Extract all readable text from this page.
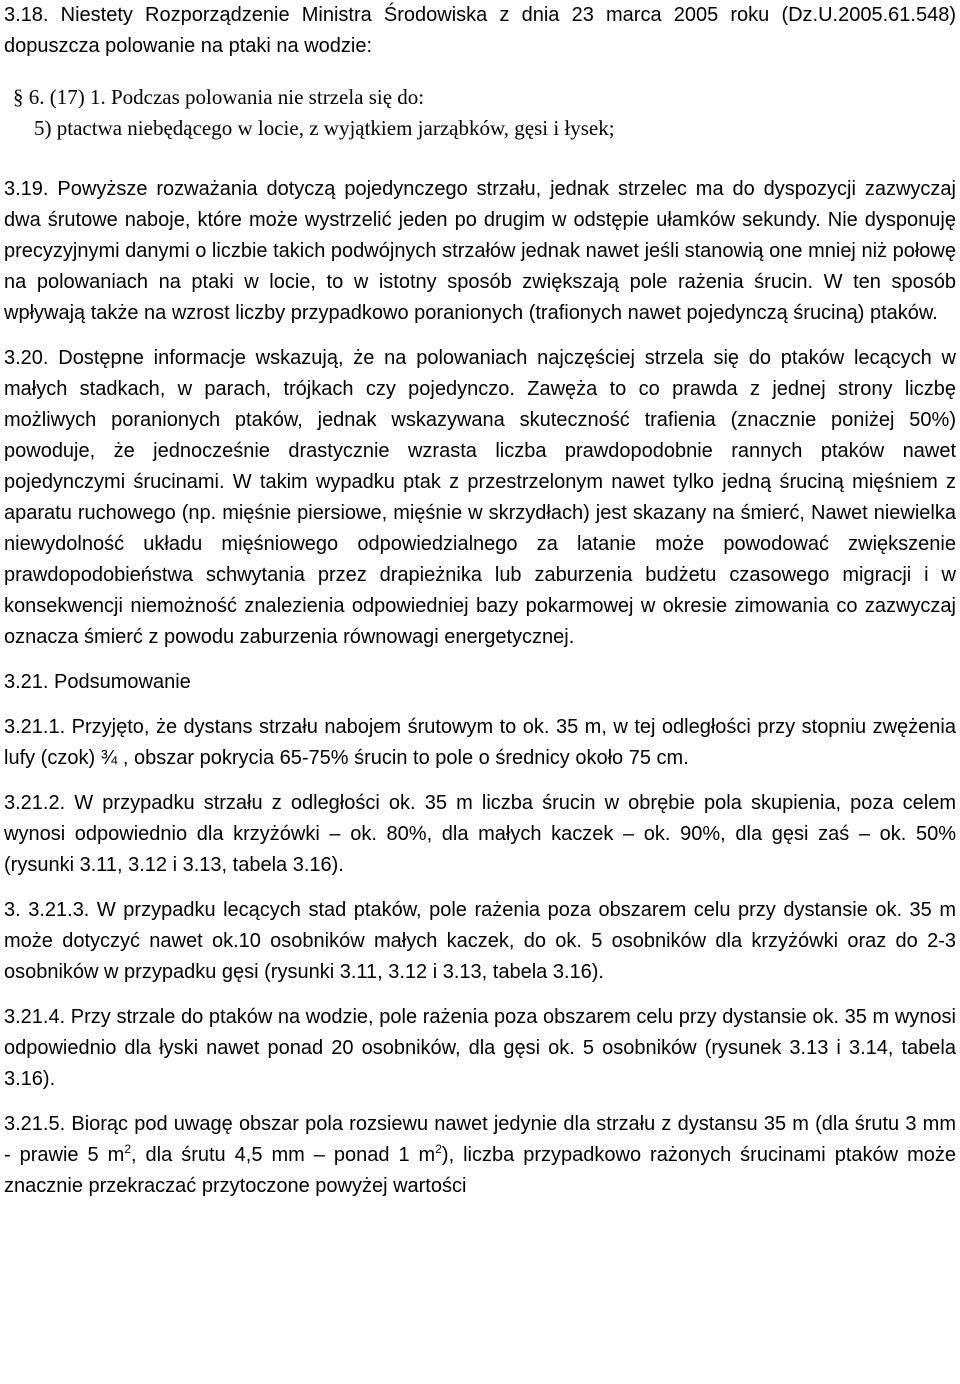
3.18. Niestety Rozporządzenie Ministra Środowiska z dnia 23 marca 2005 roku (Dz.U.2005.61.548) dopuszcza polowanie na ptaki na wodzie:

§ 6. (17) 1. Podczas polowania nie strzela się do:
5) ptactwa niebędącego w locie, z wyjątkiem jarząbków, gęsi i łysek;

3.19. Powyższe rozważania dotyczą pojedynczego strzału, jednak strzelec ma do dyspozycji zazwyczaj dwa śrutowe naboje, które może wystrzelić jeden po drugim w odstępie ułamków sekundy. Nie dysponuję precyzyjnymi danymi o liczbie takich podwójnych strzałów jednak nawet jeśli stanowią one mniej niż połowę na polowaniach na ptaki w locie, to w istotny sposób zwiększają pole rażenia śrucin. W ten sposób wpływają także na wzrost liczby przypadkowo poranionych (trafionych nawet pojedynczą śruciną) ptaków.

3.20. Dostępne informacje wskazują, że na polowaniach najczęściej strzela się do ptaków lecących w małych stadkach, w parach, trójkach czy pojedynczo. Zawęża to co prawda z jednej strony liczbę możliwych poranionych ptaków, jednak wskazywana skuteczność trafienia (znacznie poniżej 50%) powoduje, że jednocześnie drastycznie wzrasta liczba prawdopodobnie rannych ptaków nawet pojedynczymi śrucinami. W takim wypadku ptak z przestrzelonym nawet tylko jedną śruciną mięśniem z aparatu ruchowego (np. mięśnie piersiowe, mięśnie w skrzydłach) jest skazany na śmierć, Nawet niewielka niewydolność układu mięśniowego odpowiedzialnego za latanie może powodować zwiększenie prawdopodobieństwa schwytania przez drapieżnika lub zaburzenia budżetu czasowego migracji i w konsekwencji niemożność znalezienia odpowiedniej bazy pokarmowej w okresie zimowania co zazwyczaj oznacza śmierć z powodu zaburzenia równowagi energetycznej.

3.21. Podsumowanie

3.21.1. Przyjęto, że dystans strzału nabojem śrutowym to ok. 35 m, w tej odległości przy stopniu zwężenia lufy (czok) ¾ , obszar pokrycia 65-75% śrucin to pole o średnicy około 75 cm.

3.21.2. W przypadku strzału z odległości ok. 35 m liczba śrucin w obrębie pola skupienia, poza celem wynosi odpowiednio dla krzyżówki – ok. 80%, dla małych kaczek – ok. 90%, dla gęsi zaś – ok. 50% (rysunki 3.11, 3.12 i 3.13, tabela 3.16).

3. 3.21.3. W przypadku lecących stad ptaków, pole rażenia poza obszarem celu przy dystansie ok. 35 m może dotyczyć nawet ok.10 osobników małych kaczek, do ok. 5 osobników dla krzyżówki oraz do 2-3 osobników w przypadku gęsi (rysunki 3.11, 3.12 i 3.13, tabela 3.16).

3.21.4. Przy strzale do ptaków na wodzie, pole rażenia poza obszarem celu przy dystansie ok. 35 m wynosi odpowiednio dla łyski nawet ponad 20 osobników, dla gęsi ok. 5 osobników (rysunek 3.13 i 3.14, tabela 3.16).

3.21.5. Biorąc pod uwagę obszar pola rozsiewu nawet jedynie dla strzału z dystansu 35 m (dla śrutu 3 mm - prawie 5 $m^2$, dla śrutu 4,5 mm – ponad 1 $m^2$), liczba przypadkowo rażonych śrucinami ptaków może znacznie przekraczać przytoczone powyżej wartości
